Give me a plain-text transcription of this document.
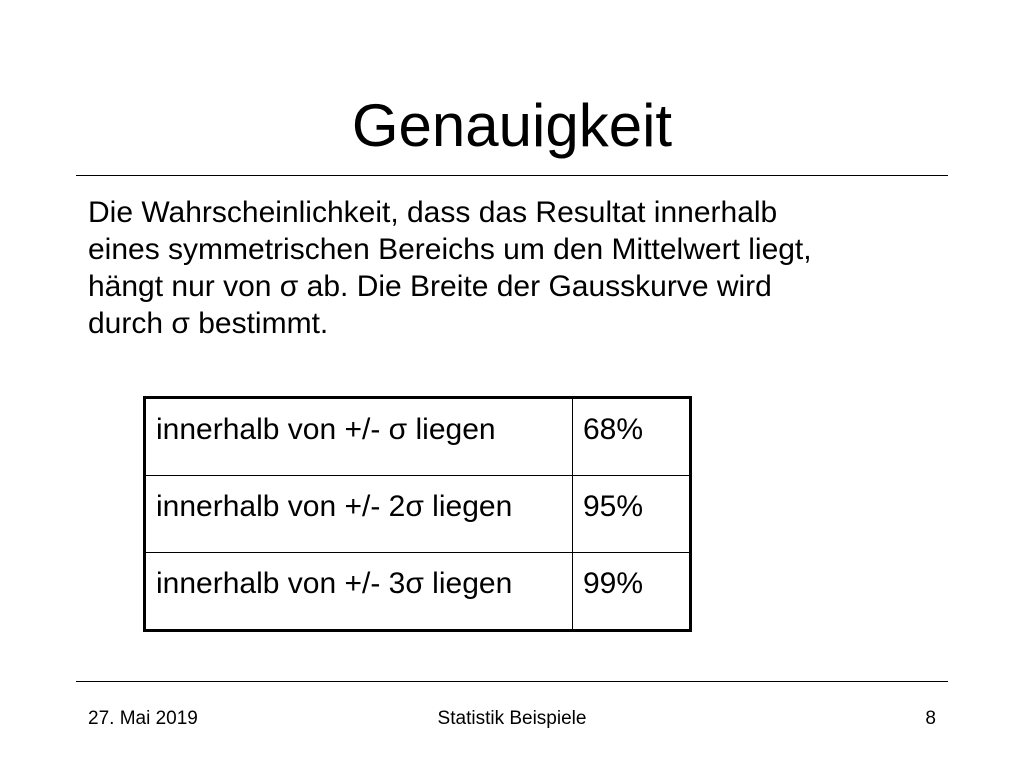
Genauigkeit
Die Wahrscheinlichkeit, dass das Resultat innerhalb
eines symmetrischen Bereichs um den Mittelwert liegt,
hängt nur von σ ab. Die Breite der Gausskurve wird
durch σ bestimmt.
innerhalb von +/- σ liegen	68%
innerhalb von +/- 2σ liegen	95%
innerhalb von +/- 3σ liegen	99%
27. Mai 2019	Statistik Beispiele	8
